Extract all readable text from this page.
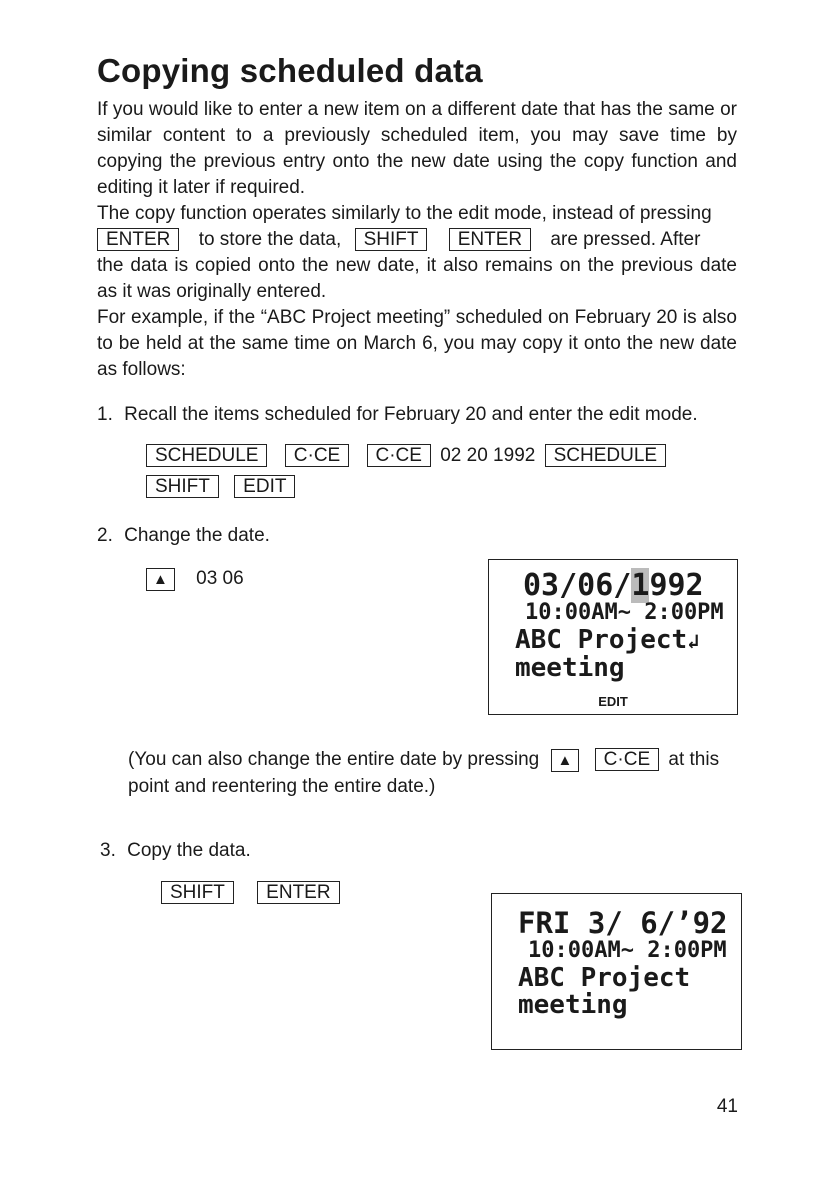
Copying scheduled data

If you would like to enter a new item on a different date that has the same or similar content to a previously scheduled item, you may save time by copying the previous entry onto the new date using the copy function and editing it later if required.

The copy function operates similarly to the edit mode, instead of pressing

ENTER to store the data, SHIFT ENTER are pressed. After

the data is copied onto the new date, it also remains on the previous date as it was originally entered.

For example, if the “ABC Project meeting” scheduled on February 20 is also to be held at the same time on March 6, you may copy it onto the new date as follows:

1. Recall the items scheduled for February 20 and enter the edit mode.
SCHEDULE C·CE C·CE 02 20 1992 SCHEDULE
SHIFT EDIT
2. Change the date.
▲ 03 06	03/06/1992
10:00AM~ 2:00PM
ABC Project↲
meeting
EDIT
(You can also change the entire date by pressing ▲ C·CE at this
point and reentering the entire date.)
3. Copy the data.
SHIFT ENTER
FRI 3/ 6/’92
10:00AM~ 2:00PM
ABC Project
meeting
41
